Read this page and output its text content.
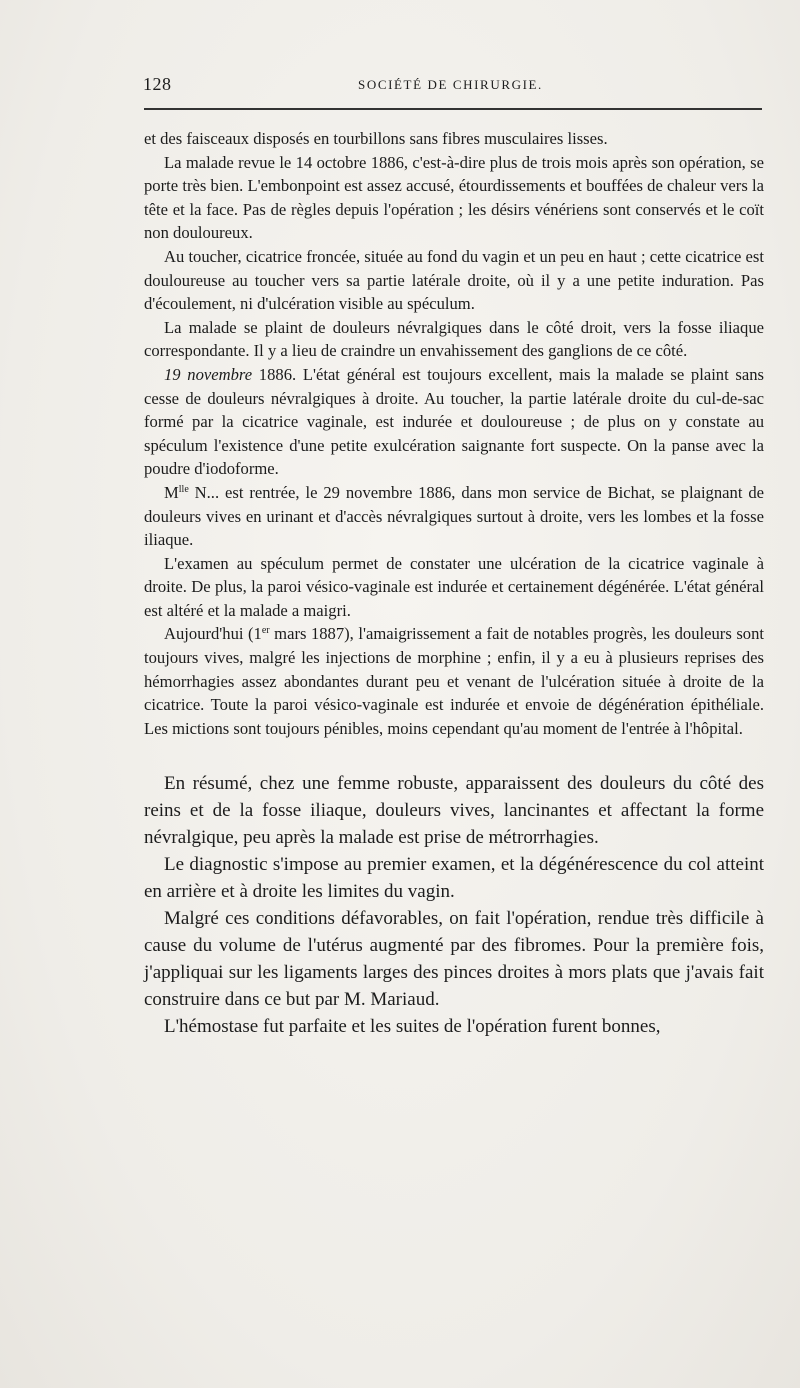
128	SOCIÉTÉ DE CHIRURGIE.

et des faisceaux disposés en tourbillons sans fibres musculaires lisses.

La malade revue le 14 octobre 1886, c'est-à-dire plus de trois mois après son opération, se porte très bien. L'embonpoint est assez accusé, étourdissements et bouffées de chaleur vers la tête et la face. Pas de règles depuis l'opération ; les désirs vénériens sont conservés et le coït non douloureux.

Au toucher, cicatrice froncée, située au fond du vagin et un peu en haut ; cette cicatrice est douloureuse au toucher vers sa partie latérale droite, où il y a une petite induration. Pas d'écoulement, ni d'ulcération visible au spéculum.

La malade se plaint de douleurs névralgiques dans le côté droit, vers la fosse iliaque correspondante. Il y a lieu de craindre un envahissement des ganglions de ce côté.

19 novembre 1886. L'état général est toujours excellent, mais la malade se plaint sans cesse de douleurs névralgiques à droite. Au toucher, la partie latérale droite du cul-de-sac formé par la cicatrice vaginale, est indurée et douloureuse ; de plus on y constate au spéculum l'existence d'une petite exulcération saignante fort suspecte. On la panse avec la poudre d'iodoforme.

$M^{lle}$ N... est rentrée, le 29 novembre 1886, dans mon service de Bichat, se plaignant de douleurs vives en urinant et d'accès névralgiques surtout à droite, vers les lombes et la fosse iliaque.

L'examen au spéculum permet de constater une ulcération de la cicatrice vaginale à droite. De plus, la paroi vésico-vaginale est indurée et certainement dégénérée. L'état général est altéré et la malade a maigri.

Aujourd'hui (1er mars 1887), l'amaigrissement a fait de notables progrès, les douleurs sont toujours vives, malgré les injections de morphine ; enfin, il y a eu à plusieurs reprises des hémorrhagies assez abondantes durant peu et venant de l'ulcération située à droite de la cicatrice. Toute la paroi vésico-vaginale est indurée et envoie de dégénération épithéliale. Les mictions sont toujours pénibles, moins cependant qu'au moment de l'entrée à l'hôpital.

En résumé, chez une femme robuste, apparaissent des douleurs du côté des reins et de la fosse iliaque, douleurs vives, lancinantes et affectant la forme névralgique, peu après la malade est prise de métrorrhagies.

Le diagnostic s'impose au premier examen, et la dégénérescence du col atteint en arrière et à droite les limites du vagin.

Malgré ces conditions défavorables, on fait l'opération, rendue très difficile à cause du volume de l'utérus augmenté par des fibromes. Pour la première fois, j'appliquai sur les ligaments larges des pinces droites à mors plats que j'avais fait construire dans ce but par M. Mariaud.

L'hémostase fut parfaite et les suites de l'opération furent bonnes,
